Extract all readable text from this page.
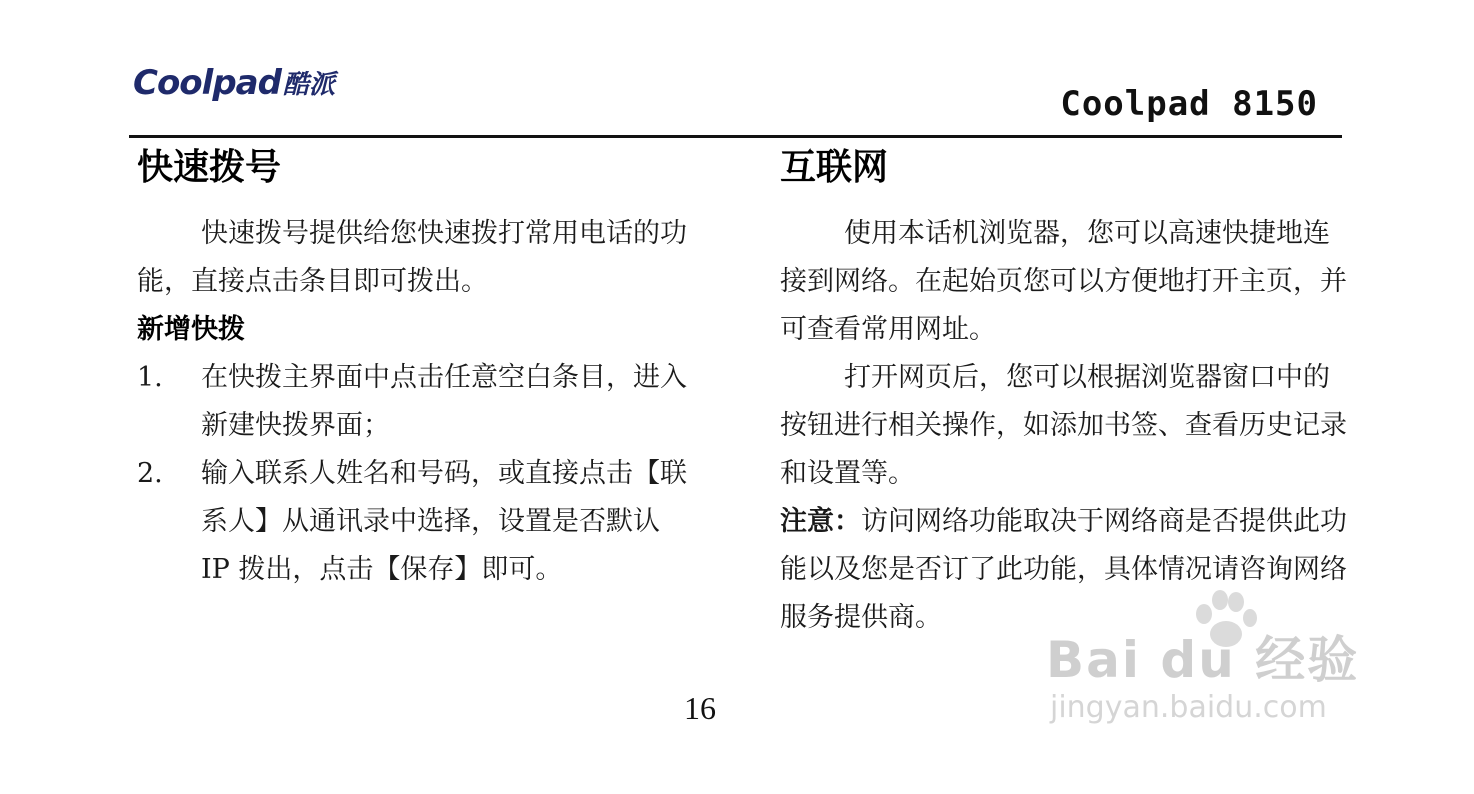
Coolpad 酷派	Coolpad 8150
快速拨号

快速拨号提供给您快速拨打常用电话的功能，直接点击条目即可拨出。

新增快拨
1.	在快拨主界面中点击任意空白条目，进入新建快拨界面；
2.	输入联系人姓名和号码，或直接点击【联系人】从通讯录中选择，设置是否默认 IP 拨出，点击【保存】即可。
互联网

使用本话机浏览器，您可以高速快捷地连接到网络。在起始页您可以方便地打开主页，并可查看常用网址。

打开网页后，您可以根据浏览器窗口中的按钮进行相关操作，如添加书签、查看历史记录和设置等。

注意：访问网络功能取决于网络商是否提供此功能以及您是否订了此功能，具体情况请咨询网络服务提供商。
16
Bai du 经验
jingyan.baidu.com
